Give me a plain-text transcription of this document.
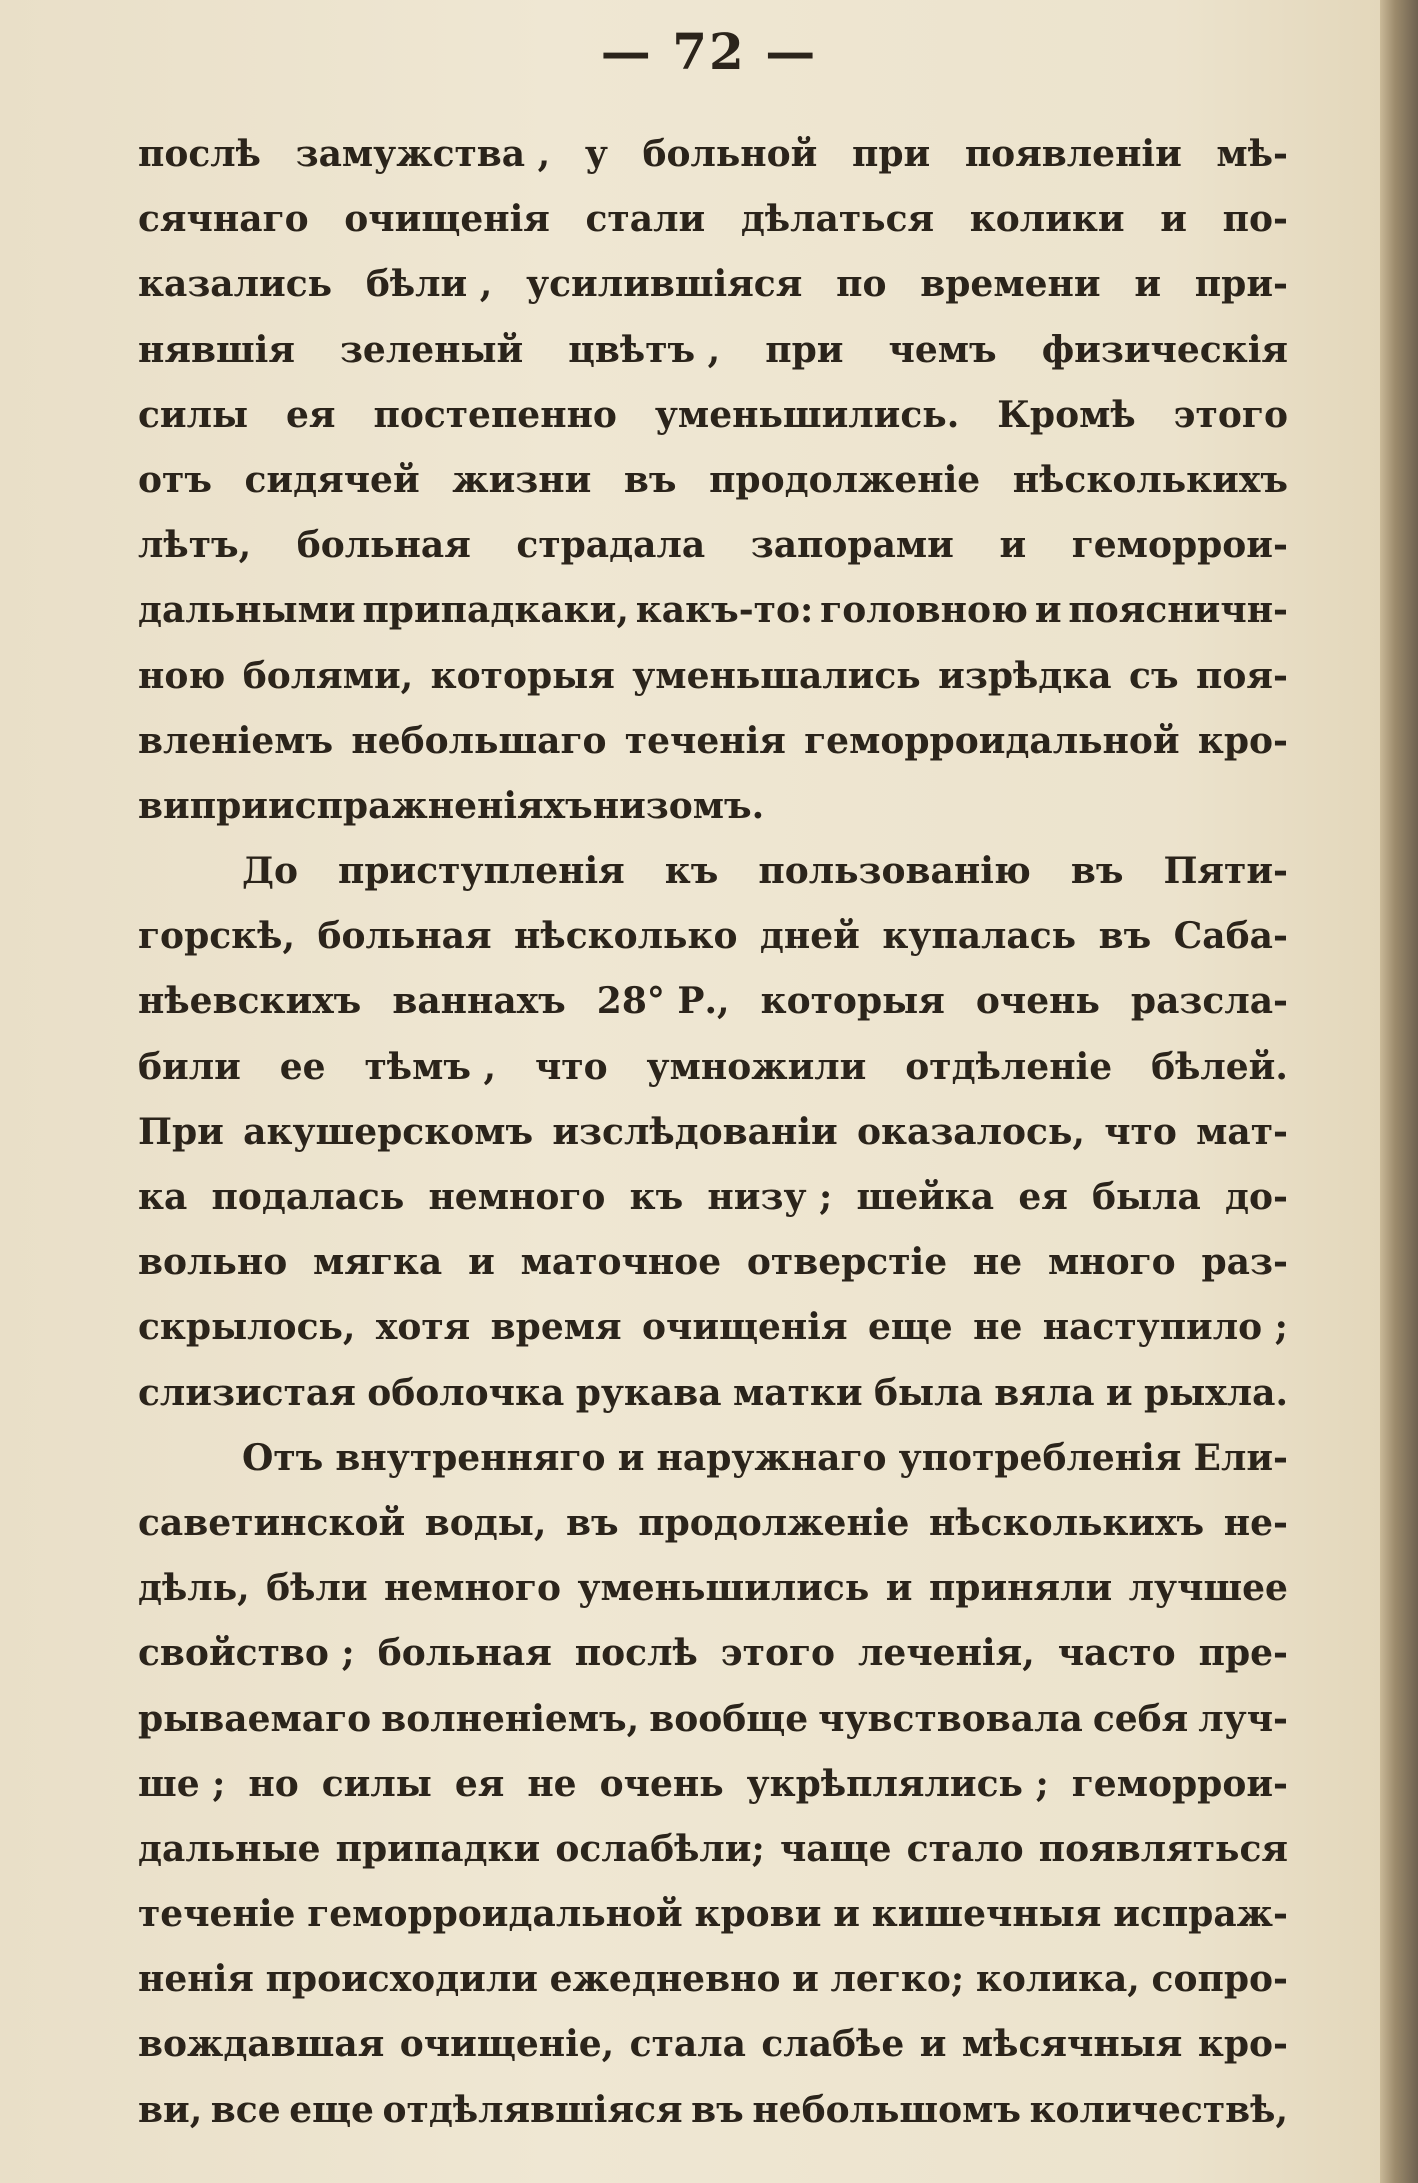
— 72 —
послѣ замужства , у больной при появленіи мѣ-
сячнаго очищенія стали дѣлаться колики и по-
казались бѣли , усилившіяся по времени и при-
нявшія зеленый цвѣтъ , при чемъ физическія
силы ея постепенно уменьшились. Кромѣ этого
отъ сидячей жизни въ продолженіе нѣсколькихъ
лѣтъ, больная страдала запорами и геморрои-
дальными припадкаки, какъ-то: головною и поясничн-
ною болями, которыя уменьшались изрѣдка съ поя-
вленіемъ небольшаго теченія геморроидальной кро-
ви при испражненіяхъ низомъ.
До приступленія къ пользованію въ Пяти-
горскѣ, больная нѣсколько дней купалась въ Саба-
нѣевскихъ ваннахъ 28° Р., которыя очень разсла-
били ее тѣмъ , что умножили отдѣленіе бѣлей.
При акушерскомъ изслѣдованіи оказалось, что мат-
ка подалась немного къ низу ; шейка ея была до-
вольно мягка и маточное отверстіе не много раз-
скрылось, хотя время очищенія еще не наступило ;
слизистая оболочка рукава матки была вяла и рыхла.
Отъ внутренняго и наружнаго употребленія Ели-
саветинской воды, въ продолженіе нѣсколькихъ не-
дѣль, бѣли немного уменьшились и приняли лучшее
свойство ; больная послѣ этого леченія, часто пре-
рываемаго волненіемъ, вообще чувствовала себя луч-
ше ; но силы ея не очень укрѣплялись ; геморрои-
дальные припадки ослабѣли; чаще стало появляться
теченіе геморроидальной крови и кишечныя испраж-
ненія происходили ежедневно и легко; колика, сопро-
вождавшая очищеніе, стала слабѣе и мѣсячныя кро-
ви, все еще отдѣлявшіяся въ небольшомъ количествѣ,
